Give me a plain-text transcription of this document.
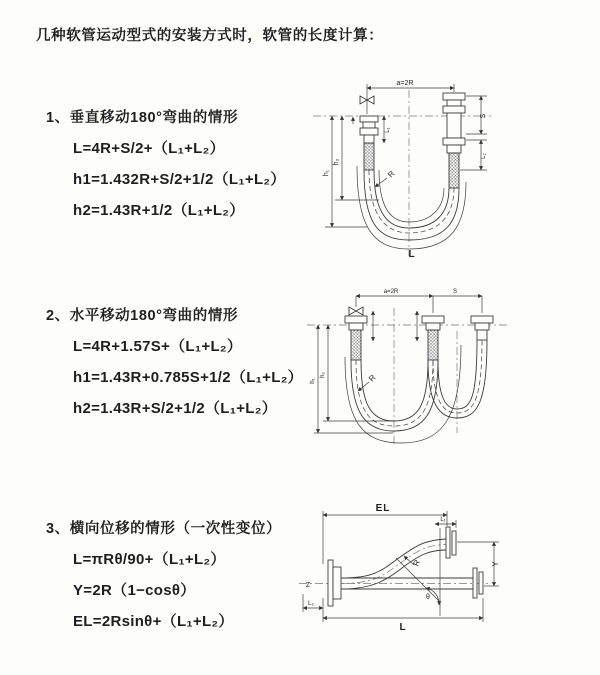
几种软管运动型式的安装方式时，软管的长度计算：
1、垂直移动180°弯曲的情形
L=4R+S/2+（L₁+L₂）
h1=1.432R+S/2+1/2（L₁+L₂）
h2=1.43R+1/2（L₁+L₂）
2、水平移动180°弯曲的情形
L=4R+1.57S+（L₁+L₂）
h1=1.43R+0.785S+1/2（L₁+L₂）
h2=1.43R+S/2+1/2（L₁+L₂）
3、横向位移的情形（一次性变位）
L=πRθ/90+（L₁+L₂）
Y=2R（1−cosθ）
EL=2Rsinθ+（L₁+L₂）
a=2R
h₁
h₂
L₁
S
L₂
R
L
a=2R	S
h₁
h₂	R
θ
Z
EL
L₁
Y
R
L
L₂
